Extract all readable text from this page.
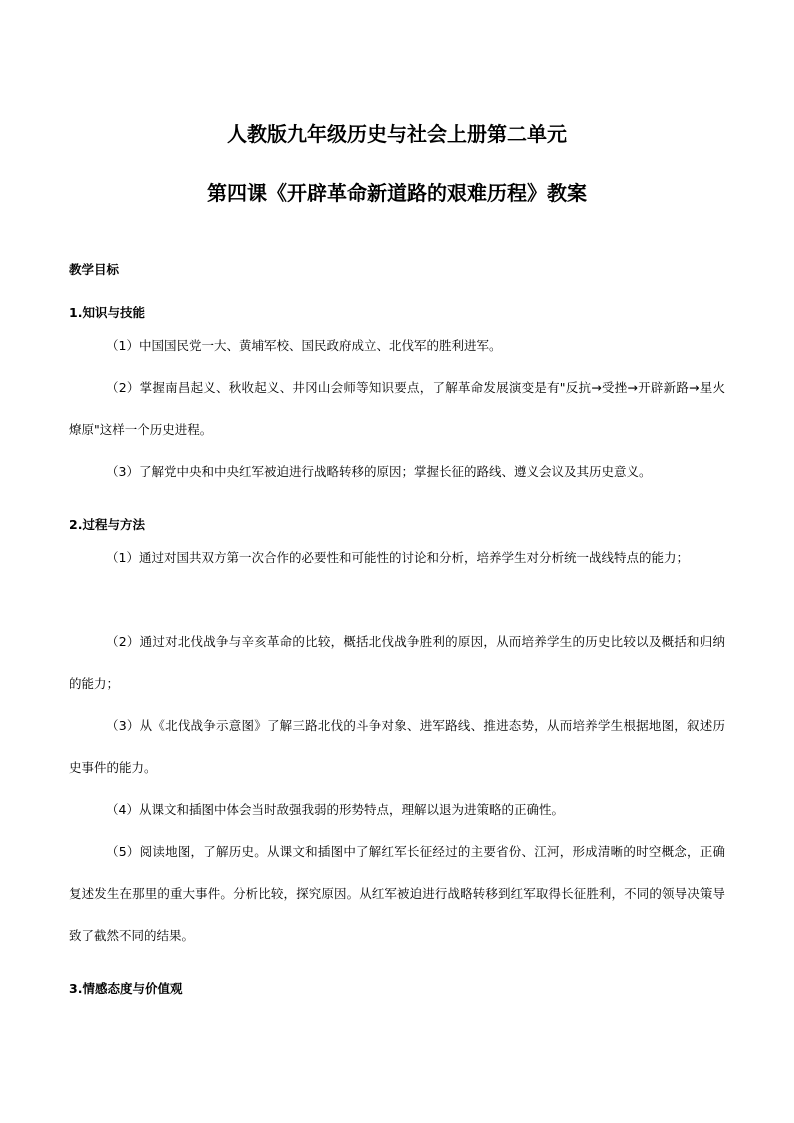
人教版九年级历史与社会上册第二单元
第四课《开辟革命新道路的艰难历程》教案
教学目标
1.知识与技能
（1）中国国民党一大、黄埔军校、国民政府成立、北伐军的胜利进军。
（2）掌握南昌起义、秋收起义、井冈山会师等知识要点，了解革命发展演变是有"反抗→受挫→开辟新路→星火燎原"这样一个历史进程。
（3）了解党中央和中央红军被迫进行战略转移的原因；掌握长征的路线、遵义会议及其历史意义。
2.过程与方法
（1）通过对国共双方第一次合作的必要性和可能性的讨论和分析，培养学生对分析统一战线特点的能力；
（2）通过对北伐战争与辛亥革命的比较，概括北伐战争胜利的原因，从而培养学生的历史比较以及概括和归纳的能力；
（3）从《北伐战争示意图》了解三路北伐的斗争对象、进军路线、推进态势，从而培养学生根据地图，叙述历史事件的能力。
（4）从课文和插图中体会当时敌强我弱的形势特点，理解以退为进策略的正确性。
（5）阅读地图，了解历史。从课文和插图中了解红军长征经过的主要省份、江河，形成清晰的时空概念，正确复述发生在那里的重大事件。分析比较，探究原因。从红军被迫进行战略转移到红军取得长征胜利，不同的领导决策导致了截然不同的结果。
3.情感态度与价值观
